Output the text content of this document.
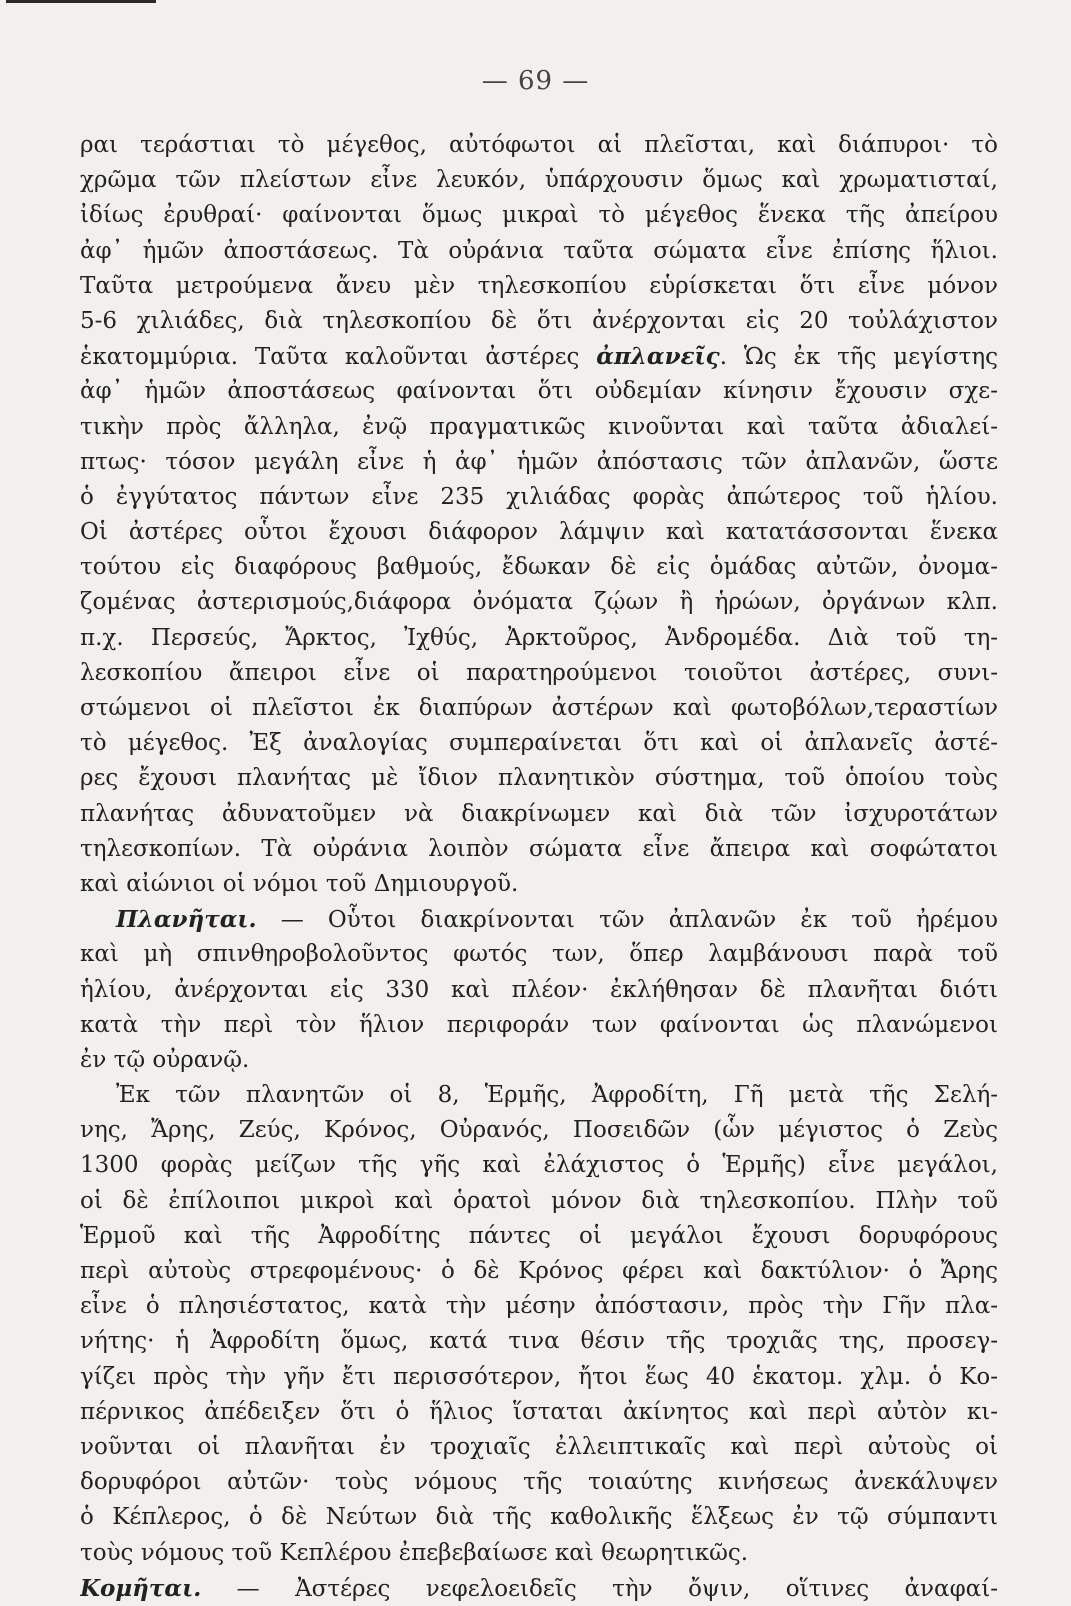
— 69 —
ραι τεράστιαι τὸ μέγεθος, αὐτόφωτοι αἱ πλεῖσται, καὶ διάπυροι· τὸ
χρῶμα τῶν πλείστων εἶνε λευκόν, ὑπάρχουσιν ὅμως καὶ χρωματισταί,
ἰδίως ἐρυθραί· φαίνονται ὅμως μικραὶ τὸ μέγεθος ἕνεκα τῆς ἀπείρου
ἀφ᾽ ἡμῶν ἀποστάσεως. Τὰ οὐράνια ταῦτα σώματα εἶνε ἐπίσης ἥλιοι.
Ταῦτα μετρούμενα ἄνευ μὲν τηλεσκοπίου εὑρίσκεται ὅτι εἶνε μόνον
5-6 χιλιάδες, διὰ τηλεσκοπίου δὲ ὅτι ἀνέρχονται εἰς 20 τοὐλάχιστον
ἑκατομμύρια. Ταῦτα καλοῦνται ἀστέρες ἀπλανεῖς. Ὡς ἐκ τῆς μεγίστης
ἀφ᾽ ἡμῶν ἀποστάσεως φαίνονται ὅτι οὐδεμίαν κίνησιν ἔχουσιν σχε-
τικὴν πρὸς ἄλληλα, ἐνῷ πραγματικῶς κινοῦνται καὶ ταῦτα ἀδιαλεί-
πτως· τόσον μεγάλη εἶνε ἡ ἀφ᾽ ἡμῶν ἀπόστασις τῶν ἀπλανῶν, ὥστε
ὁ ἐγγύτατος πάντων εἶνε 235 χιλιάδας φορὰς ἀπώτερος τοῦ ἡλίου.
Οἱ ἀστέρες οὗτοι ἔχουσι διάφορον λάμψιν καὶ κατατάσσονται ἕνεκα
τούτου εἰς διαφόρους βαθμούς, ἔδωκαν δὲ εἰς ὁμάδας αὐτῶν, ὀνομα-
ζομένας ἀστερισμούς,διάφορα ὀνόματα ζῴων ἢ ἡρώων, ὀργάνων κλπ.
π.χ. Περσεύς, Ἄρκτος, Ἰχθύς, Ἀρκτοῦρος, Ἀνδρομέδα. Διὰ τοῦ τη-
λεσκοπίου ἄπειροι εἶνε οἱ παρατηρούμενοι τοιοῦτοι ἀστέρες, συνι-
στώμενοι οἱ πλεῖστοι ἐκ διαπύρων ἀστέρων καὶ φωτοβόλων,τεραστίων
τὸ μέγεθος. Ἐξ ἀναλογίας συμπεραίνεται ὅτι καὶ οἱ ἀπλανεῖς ἀστέ-
ρες ἔχουσι πλανήτας μὲ ἴδιον πλανητικὸν σύστημα, τοῦ ὁποίου τοὺς
πλανήτας ἀδυνατοῦμεν νὰ διακρίνωμεν καὶ διὰ τῶν ἰσχυροτάτων
τηλεσκοπίων. Τὰ οὐράνια λοιπὸν σώματα εἶνε ἄπειρα καὶ σοφώτατοι
καὶ αἰώνιοι οἱ νόμοι τοῦ Δημιουργοῦ.
Πλανῆται. — Οὗτοι διακρίνονται τῶν ἀπλανῶν ἐκ τοῦ ἠρέμου
καὶ μὴ σπινθηροβολοῦντος φωτός των, ὅπερ λαμβάνουσι παρὰ τοῦ
ἡλίου, ἀνέρχονται εἰς 330 καὶ πλέον· ἐκλήθησαν δὲ πλανῆται διότι
κατὰ τὴν περὶ τὸν ἥλιον περιφοράν των φαίνονται ὡς πλανώμενοι
ἐν τῷ οὐρανῷ.
Ἐκ τῶν πλανητῶν οἱ 8, Ἑρμῆς, Ἀφροδίτη, Γῆ μετὰ τῆς Σελή-
νης, Ἄρης, Ζεύς, Κρόνος, Οὐρανός, Ποσειδῶν (ὧν μέγιστος ὁ Ζεὺς
1300 φορὰς μείζων τῆς γῆς καὶ ἐλάχιστος ὁ Ἑρμῆς) εἶνε μεγάλοι,
οἱ δὲ ἐπίλοιποι μικροὶ καὶ ὁρατοὶ μόνον διὰ τηλεσκοπίου. Πλὴν τοῦ
Ἑρμοῦ καὶ τῆς Ἀφροδίτης πάντες οἱ μεγάλοι ἔχουσι δορυφόρους
περὶ αὐτοὺς στρεφομένους· ὁ δὲ Κρόνος φέρει καὶ δακτύλιον· ὁ Ἄρης
εἶνε ὁ πλησιέστατος, κατὰ τὴν μέσην ἀπόστασιν, πρὸς τὴν Γῆν πλα-
νήτης· ἡ Ἀφροδίτη ὅμως, κατά τινα θέσιν τῆς τροχιᾶς της, προσεγ-
γίζει πρὸς τὴν γῆν ἔτι περισσότερον, ἤτοι ἕως 40 ἑκατομ. χλμ. ὁ Κο-
πέρνικος ἀπέδειξεν ὅτι ὁ ἥλιος ἵσταται ἀκίνητος καὶ περὶ αὐτὸν κι-
νοῦνται οἱ πλανῆται ἐν τροχιαῖς ἐλλειπτικαῖς καὶ περὶ αὐτοὺς οἱ
δορυφόροι αὐτῶν· τοὺς νόμους τῆς τοιαύτης κινήσεως ἀνεκάλυψεν
ὁ Κέπλερος, ὁ δὲ Νεύτων διὰ τῆς καθολικῆς ἕλξεως ἐν τῷ σύμπαντι
τοὺς νόμους τοῦ Κεπλέρου ἐπεβεβαίωσε καὶ θεωρητικῶς.
Κομῆται. — Ἀστέρες νεφελοειδεῖς τὴν ὄψιν, οἵτινες ἀναφαί-
